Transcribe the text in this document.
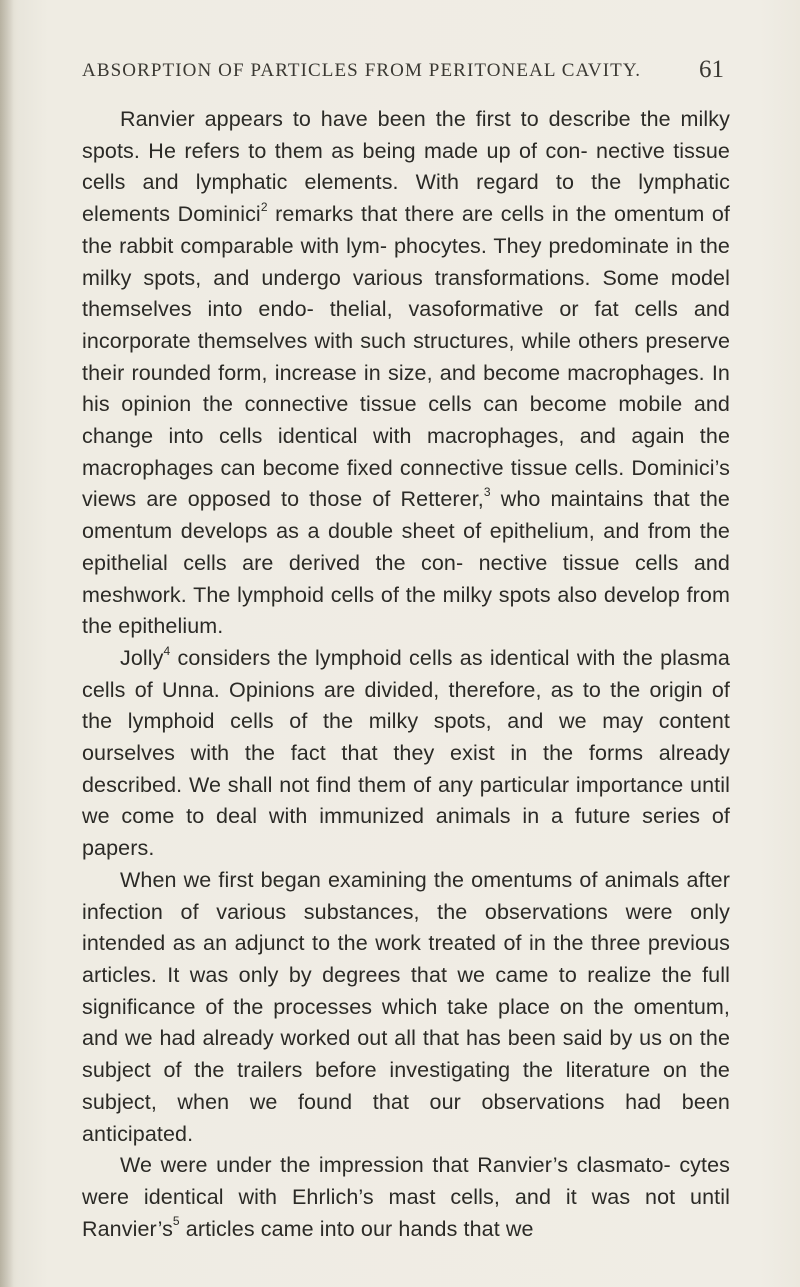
ABSORPTION OF PARTICLES FROM PERITONEAL CAVITY. 61

Ranvier appears to have been the first to describe the milky spots. He refers to them as being made up of con- nective tissue cells and lymphatic elements. With regard to the lymphatic elements Dominici$^2$ remarks that there are cells in the omentum of the rabbit comparable with lym- phocytes. They predominate in the milky spots, and undergo various transformations. Some model themselves into endo- thelial, vasoformative or fat cells and incorporate themselves with such structures, while others preserve their rounded form, increase in size, and become macrophages. In his opinion the connective tissue cells can become mobile and change into cells identical with macrophages, and again the macrophages can become fixed connective tissue cells. Dominici’s views are opposed to those of Retterer,$^3$ who maintains that the omentum develops as a double sheet of epithelium, and from the epithelial cells are derived the con- nective tissue cells and meshwork. The lymphoid cells of the milky spots also develop from the epithelium.

Jolly$^4$ considers the lymphoid cells as identical with the plasma cells of Unna. Opinions are divided, therefore, as to the origin of the lymphoid cells of the milky spots, and we may content ourselves with the fact that they exist in the forms already described. We shall not find them of any particular importance until we come to deal with immunized animals in a future series of papers.

When we first began examining the omentums of animals after infection of various substances, the observations were only intended as an adjunct to the work treated of in the three previous articles. It was only by degrees that we came to realize the full significance of the processes which take place on the omentum, and we had already worked out all that has been said by us on the subject of the trailers before investigating the literature on the subject, when we found that our observations had been anticipated.

We were under the impression that Ranvier’s clasmato- cytes were identical with Ehrlich’s mast cells, and it was not until $Ranvier’s^5$ articles came into our hands that we
